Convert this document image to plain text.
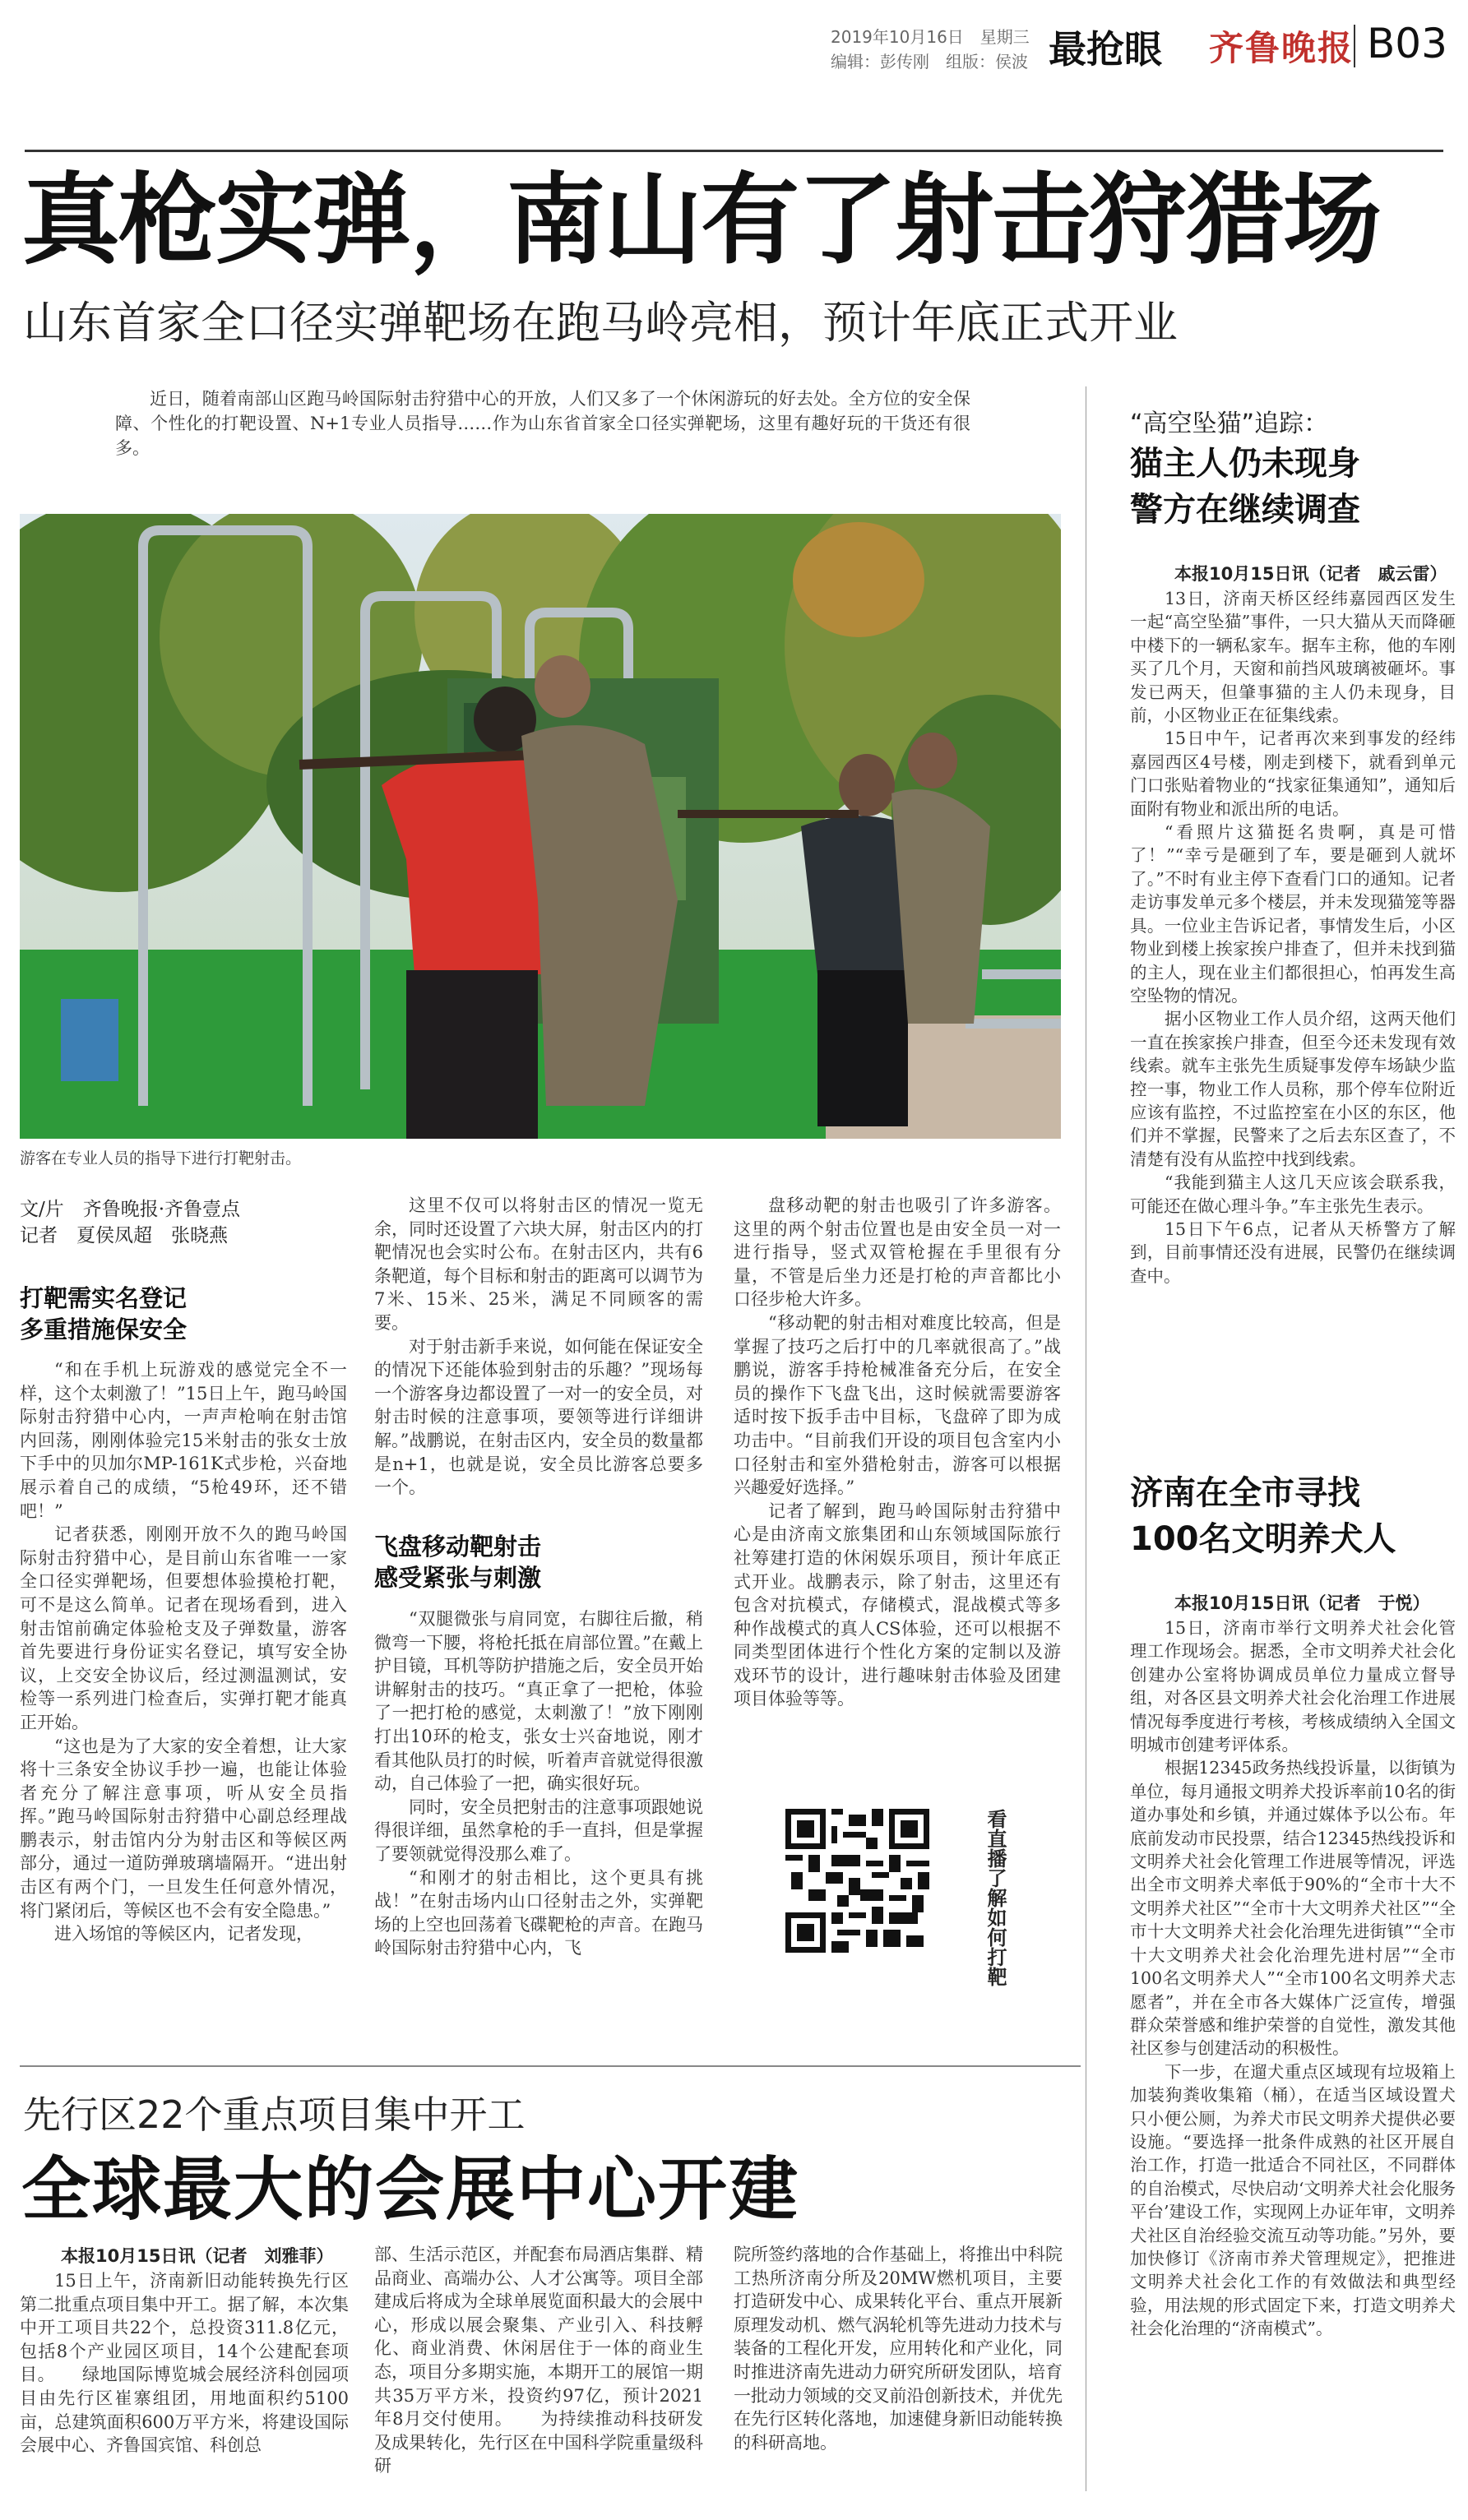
2019年10月16日　星期三
编辑：彭传刚　组版：侯波 最抢眼 齐鲁晚报 B03
真枪实弹，南山有了射击狩猎场
山东首家全口径实弹靶场在跑马岭亮相，预计年底正式开业
近日，随着南部山区跑马岭国际射击狩猎中心的开放，人们又多了一个休闲游玩的好去处。全方位的安全保障、个性化的打靶设置、N+1专业人员指导……作为山东省首家全口径实弹靶场，这里有趣好玩的干货还有很多。
游客在专业人员的指导下进行打靶射击。
文/片　齐鲁晚报·齐鲁壹点
记者　夏侯凤超　张晓燕
打靶需实名登记
多重措施保安全

“和在手机上玩游戏的感觉完全不一样，这个太刺激了！”15日上午，跑马岭国际射击狩猎中心内，一声声枪响在射击馆内回荡，刚刚体验完15米射击的张女士放下手中的贝加尔MP-161K式步枪，兴奋地展示着自己的成绩，“5枪49环，还不错吧！”

记者获悉，刚刚开放不久的跑马岭国际射击狩猎中心，是目前山东省唯一一家全口径实弹靶场，但要想体验摸枪打靶，可不是这么简单。记者在现场看到，进入射击馆前确定体验枪支及子弹数量，游客首先要进行身份证实名登记，填写安全协议，上交安全协议后，经过测温测试，安检等一系列进门检查后，实弹打靶才能真正开始。

“这也是为了大家的安全着想，让大家将十三条安全协议手抄一遍，也能让体验者充分了解注意事项，听从安全员指挥。”跑马岭国际射击狩猎中心副总经理战鹏表示，射击馆内分为射击区和等候区两部分，通过一道防弹玻璃墙隔开。“进出射击区有两个门，一旦发生任何意外情况，将门紧闭后，等候区也不会有安全隐患。”

进入场馆的等候区内，记者发现，

这里不仅可以将射击区的情况一览无余，同时还设置了六块大屏，射击区内的打靶情况也会实时公布。在射击区内，共有6条靶道，每个目标和射击的距离可以调节为7米、15米、25米，满足不同顾客的需要。

对于射击新手来说，如何能在保证安全的情况下还能体验到射击的乐趣？”现场每一个游客身边都设置了一对一的安全员，对射击时候的注意事项，要领等进行详细讲解。”战鹏说，在射击区内，安全员的数量都是n+1，也就是说，安全员比游客总要多一个。

飞盘移动靶射击
感受紧张与刺激

“双腿微张与肩同宽，右脚往后撤，稍微弯一下腰，将枪托抵在肩部位置。”在戴上护目镜，耳机等防护措施之后，安全员开始讲解射击的技巧。“真正拿了一把枪，体验了一把打枪的感觉，太刺激了！”放下刚刚打出10环的枪支，张女士兴奋地说，刚才看其他队员打的时候，听着声音就觉得很激动，自己体验了一把，确实很好玩。

同时，安全员把射击的注意事项跟她说得很详细，虽然拿枪的手一直抖，但是掌握了要领就觉得没那么难了。

“和刚才的射击相比，这个更具有挑战！”在射击场内山口径射击之外，实弹靶场的上空也回荡着飞碟靶枪的声音。在跑马岭国际射击狩猎中心内，飞

盘移动靶的射击也吸引了许多游客。这里的两个射击位置也是由安全员一对一进行指导，竖式双管枪握在手里很有分量，不管是后坐力还是打枪的声音都比小口径步枪大许多。

“移动靶的射击相对难度比较高，但是掌握了技巧之后打中的几率就很高了。”战鹏说，游客手持枪械准备充分后，在安全员的操作下飞盘飞出，这时候就需要游客适时按下扳手击中目标，飞盘碎了即为成功击中。“目前我们开设的项目包含室内小口径射击和室外猎枪射击，游客可以根据兴趣爱好选择。”

记者了解到，跑马岭国际射击狩猎中心是由济南文旅集团和山东领域国际旅行社筹建打造的休闲娱乐项目，预计年底正式开业。战鹏表示，除了射击，这里还有包含对抗模式，存储模式，混战模式等多种作战模式的真人CS体验，还可以根据不同类型团体进行个性化方案的定制以及游戏环节的设计，进行趣味射击体验及团建项目体验等等。

看直播了解如何打靶
“高空坠猫”追踪：
猫主人仍未现身
警方在继续调查
本报10月15日讯（记者　戚云雷）

13日，济南天桥区经纬嘉园西区发生一起“高空坠猫”事件，一只大猫从天而降砸中楼下的一辆私家车。据车主称，他的车刚买了几个月，天窗和前挡风玻璃被砸坏。事发已两天，但肇事猫的主人仍未现身，目前，小区物业正在征集线索。

15日中午，记者再次来到事发的经纬嘉园西区4号楼，刚走到楼下，就看到单元门口张贴着物业的“找家征集通知”，通知后面附有物业和派出所的电话。

“看照片这猫挺名贵啊，真是可惜了！”“幸亏是砸到了车，要是砸到人就坏了。”不时有业主停下查看门口的通知。记者走访事发单元多个楼层，并未发现猫笼等器具。一位业主告诉记者，事情发生后，小区物业到楼上挨家挨户排查了，但并未找到猫的主人，现在业主们都很担心，怕再发生高空坠物的情况。

据小区物业工作人员介绍，这两天他们一直在挨家挨户排查，但至今还未发现有效线索。就车主张先生质疑事发停车场缺少监控一事，物业工作人员称，那个停车位附近应该有监控，不过监控室在小区的东区，他们并不掌握，民警来了之后去东区查了，不清楚有没有从监控中找到线索。

“我能到猫主人这几天应该会联系我，可能还在做心理斗争。”车主张先生表示。

15日下午6点，记者从天桥警方了解到，目前事情还没有进展，民警仍在继续调查中。

济南在全市寻找
100名文明养犬人
本报10月15日讯（记者　于悦）

15日，济南市举行文明养犬社会化管理工作现场会。据悉，全市文明养犬社会化创建办公室将协调成员单位力量成立督导组，对各区县文明养犬社会化治理工作进展情况每季度进行考核，考核成绩纳入全国文明城市创建考评体系。

根据12345政务热线投诉量，以街镇为单位，每月通报文明养犬投诉率前10名的街道办事处和乡镇，并通过媒体予以公布。年底前发动市民投票，结合12345热线投诉和文明养犬社会化管理工作进展等情况，评选出全市文明养犬率低于90%的“全市十大不文明养犬社区”“全市十大文明养犬社区”“全市十大文明养犬社会化治理先进街镇”“全市十大文明养犬社会化治理先进村居”“全市100名文明养犬人”“全市100名文明养犬志愿者”，并在全市各大媒体广泛宣传，增强群众荣誉感和维护荣誉的自觉性，激发其他社区参与创建活动的积极性。

下一步，在遛犬重点区域现有垃圾箱上加装狗粪收集箱（桶），在适当区域设置犬只小便公厕，为养犬市民文明养犬提供必要设施。“要选择一批条件成熟的社区开展自治工作，打造一批适合不同社区，不同群体的自治模式，尽快启动‘文明养犬社会化服务平台’建设工作，实现网上办证年审，文明养犬社区自治经验交流互动等功能。”另外，要加快修订《济南市养犬管理规定》，把推进文明养犬社会化工作的有效做法和典型经验，用法规的形式固定下来，打造文明养犬社会化治理的“济南模式”。

先行区22个重点项目集中开工
全球最大的会展中心开建
本报10月15日讯（记者　刘雅菲）
15日上午，济南新旧动能转换先行区第二批重点项目集中开工。据了解，本次集中开工项目共22个，总投资311.8亿元，包括8个产业园区项目，14个公建配套项目。　　绿地国际博览城会展经济科创园项目由先行区崔寨组团，用地面积约5100亩，总建筑面积600万平方米，将建设国际会展中心、齐鲁国宾馆、科创总
部、生活示范区，并配套布局酒店集群、精品商业、高端办公、人才公寓等。项目全部建成后将成为全球单展览面积最大的会展中心，形成以展会聚集、产业引入、科技孵化、商业消费、休闲居住于一体的商业生态，项目分多期实施，本期开工的展馆一期共35万平方米，投资约97亿，预计2021年8月交付使用。　　为持续推动科技研发及成果转化，先行区在中国科学院重量级科研
院所签约落地的合作基础上，将推出中科院工热所济南分所及20MW燃机项目，主要打造研发中心、成果转化平台、重点开展新原理发动机、燃气涡轮机等先进动力技术与装备的工程化开发，应用转化和产业化，同时推进济南先进动力研究所研发团队，培育一批动力领域的交叉前沿创新技术，并优先在先行区转化落地，加速健身新旧动能转换的科研高地。
